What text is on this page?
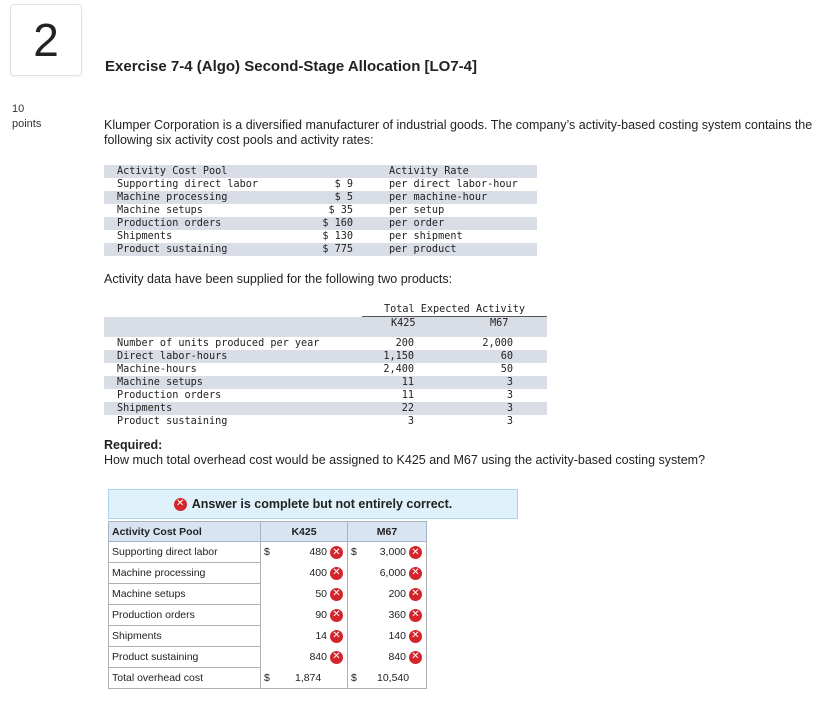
2
10
points
Exercise 7-4 (Algo) Second-Stage Allocation [LO7-4]
Klumper Corporation is a diversified manufacturer of industrial goods. The company’s activity-based costing system contains the
following six activity cost pools and activity rates:
Activity Cost Pool	Activity Rate
Supporting direct labor	$ 9	per direct labor-hour
Machine processing	$ 5	per machine-hour
Machine setups	$ 35	per setup
Production orders	$ 160	per order
Shipments	$ 130	per shipment
Product sustaining	$ 775	per product
Activity data have been supplied for the following two products:
Total Expected Activity
K425	M67
Number of units produced per year	200	2,000
Direct labor-hours	1,150	60
Machine-hours	2,400	50
Machine setups	11	3
Production orders	11	3
Shipments	22	3
Product sustaining	3	3
Required:
How much total overhead cost would be assigned to K425 and M67 using the activity-based costing system?
✕ Answer is complete but not entirely correct.
Activity Cost Pool	K425	M67
Supporting direct labor	$ 480 ✕	$ 3,000 ✕

Machine processing	400 ✕	6,000 ✕

Machine setups	50 ✕	200 ✕

Production orders	90 ✕	360 ✕

Shipments	14 ✕	140 ✕

Product sustaining	840 ✕	840 ✕

Total overhead cost	$ 1,874	$ 10,540
